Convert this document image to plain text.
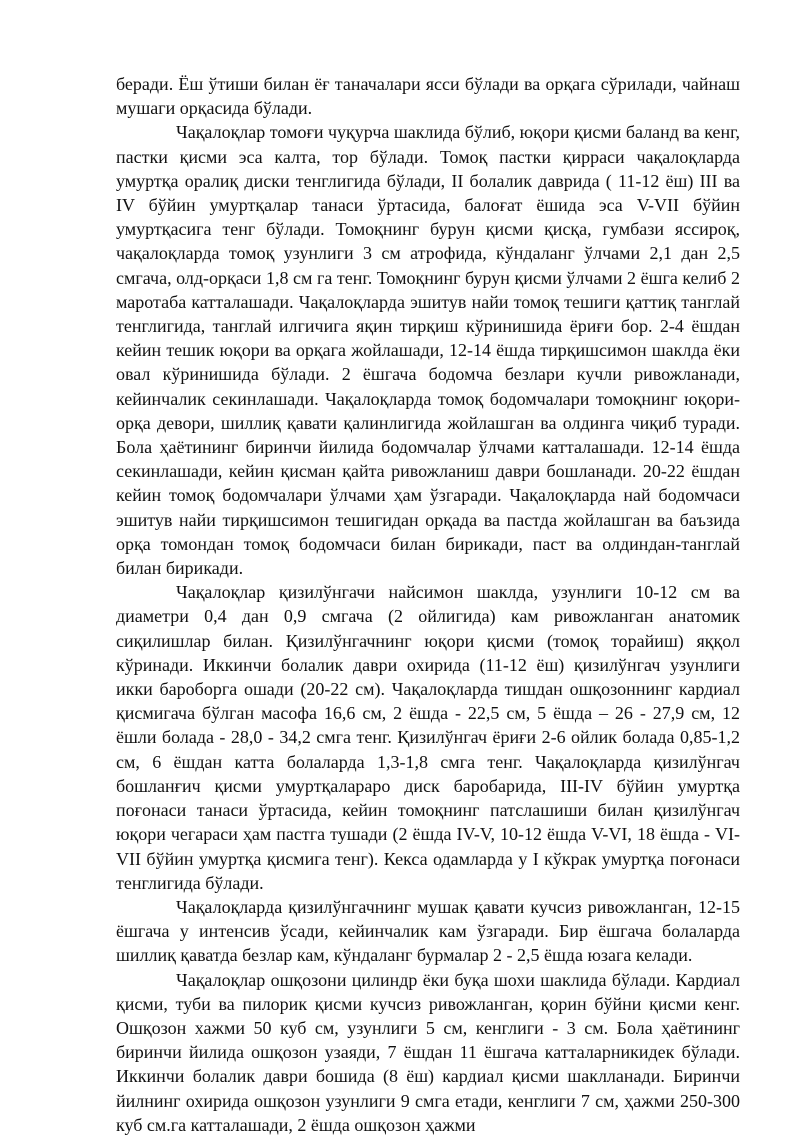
беради. Ёш ўтиши билан ёғ таначалари ясси бўлади ва орқага сўрилади, чайнаш мушаги орқасида бўлади.

Чақалоқлар томоғи чуқурча шаклида бўлиб, юқори қисми баланд ва кенг, пастки қисми эса калта, тор бўлади. Томоқ пастки қирраси чақалоқларда умуртқа оралиқ диски тенглигида бўлади, II болалик даврида ( 11-12 ёш) III ва IV бўйин умуртқалар танаси ўртасида, балоғат ёшида эса V-VII бўйин умуртқасига тенг бўлади. Томоқнинг бурун қисми қисқа, гумбази яссироқ, чақалоқларда томоқ узунлиги 3 см атрофида, кўндаланг ўлчами 2,1 дан 2,5 смгача, олд-орқаси 1,8 см га тенг. Томоқнинг бурун қисми ўлчами 2 ёшга келиб 2 маротаба катталашади. Чақалоқларда эшитув найи томоқ тешиги қаттиқ танглай тенглигида, танглай илгичига яқин тирқиш кўринишида ёриғи бор. 2-4 ёшдан кейин тешик юқори ва орқага жойлашади, 12-14 ёшда тирқишсимон шаклда ёки овал кўринишида бўлади. 2 ёшгача бодомча безлари кучли ривожланади, кейинчалик секинлашади. Чақалоқларда томоқ бодомчалари томоқнинг юқори-орқа девори, шиллиқ қавати қалинлигида жойлашган ва олдинга чиқиб туради. Бола ҳаётининг биринчи йилида бодомчалар ўлчами катталашади. 12-14 ёшда секинлашади, кейин қисман қайта ривожланиш даври бошланади. 20-22 ёшдан кейин томоқ бодомчалари ўлчами ҳам ўзгаради. Чақалоқларда най бодомчаси эшитув найи тирқишсимон тешигидан орқада ва пастда жойлашган ва баъзида орқа томондан томоқ бодомчаси билан бирикади, паст ва олдиндан-танглай билан бирикади.

Чақалоқлар қизилўнгачи найсимон шаклда, узунлиги 10-12 см ва диаметри 0,4 дан 0,9 смгача (2 ойлигида) кам ривожланган анатомик сиқилишлар билан. Қизилўнгачнинг юқори қисми (томоқ торайиш) яққол кўринади. Иккинчи болалик даври охирида (11-12 ёш) қизилўнгач узунлиги икки бароборга ошади (20-22 см). Чақалоқларда тишдан ошқозоннинг кардиал қисмигача бўлган масофа 16,6 см, 2 ёшда - 22,5 см, 5 ёшда – 26 - 27,9 см, 12 ёшли болада - 28,0 - 34,2 смга тенг. Қизилўнгач ёриғи 2-6 ойлик болада 0,85-1,2 см, 6 ёшдан катта болаларда 1,3-1,8 смга тенг. Чақалоқларда қизилўнгач бошланғич қисми умуртқалараро диск баробарида, III-IV бўйин умуртқа поғонаси танаси ўртасида, кейин томоқнинг патслашиши билан қизилўнгач юқори чегараси ҳам пастга тушади (2 ёшда IV-V, 10-12 ёшда V-VI, 18 ёшда - VI-VII бўйин умуртқа қисмига тенг). Кекса одамларда у I кўкрак умуртқа поғонаси тенглигида бўлади.

Чақалоқларда қизилўнгачнинг мушак қавати кучсиз ривожланган, 12-15 ёшгача у интенсив ўсади, кейинчалик кам ўзгаради. Бир ёшгача болаларда шиллиқ қаватда безлар кам, кўндаланг бурмалар 2 - 2,5 ёшда юзага келади.

Чақалоқлар ошқозони цилиндр ёки буқа шохи шаклида бўлади. Кардиал қисми, туби ва пилорик қисми кучсиз ривожланган, қорин бўйни қисми кенг. Ошқозон хажми 50 куб см, узунлиги 5 см, кенглиги - 3 см. Бола ҳаётининг биринчи йилида ошқозон узаяди, 7 ёшдан 11 ёшгача катталарникидек бўлади. Иккинчи болалик даври бошида (8 ёш) кардиал қисми шаклланади. Биринчи йилнинг охирида ошқозон узунлиги 9 смга етади, кенглиги 7 см, ҳажми 250-300 куб см.га катталашади, 2 ёшда ошқозон ҳажми
